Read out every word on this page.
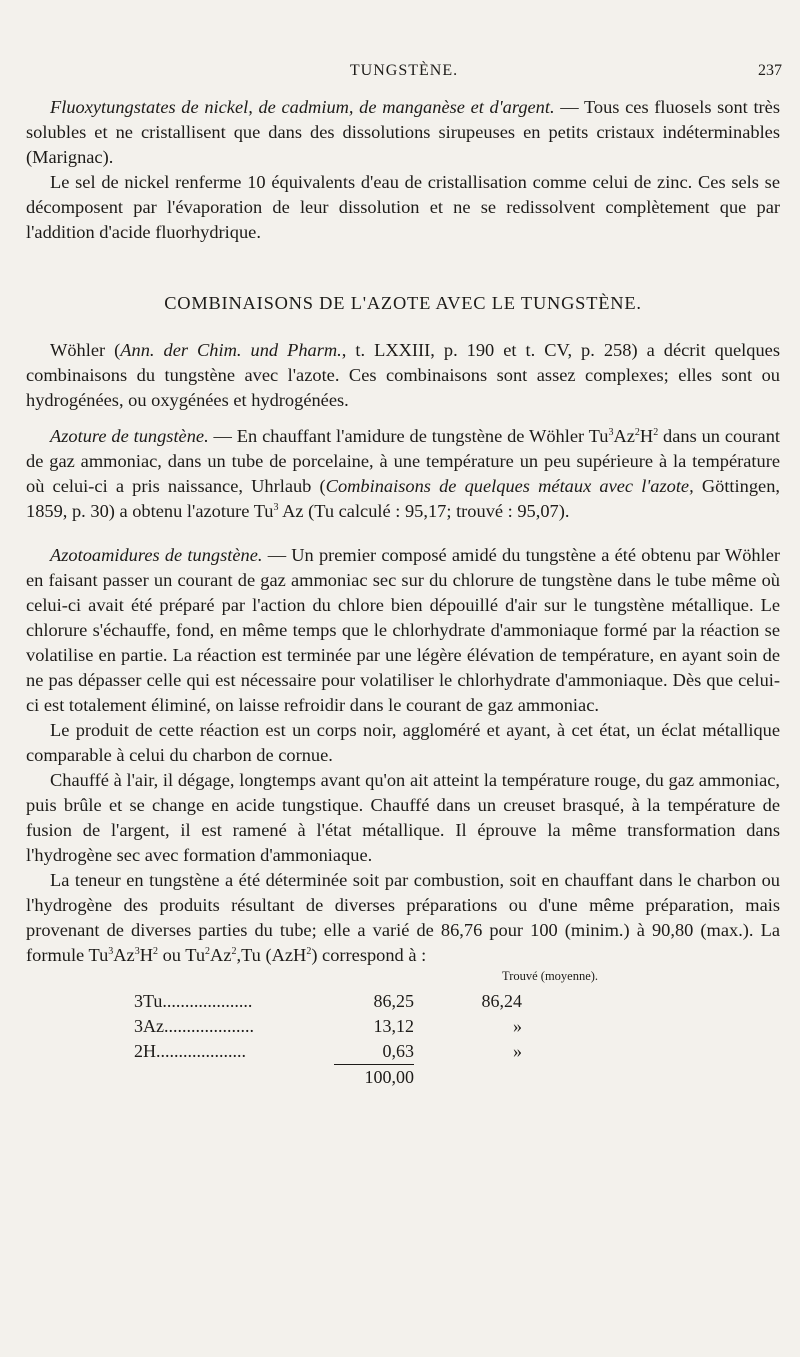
TUNGSTÈNE.	237

Fluoxytungstates de nickel, de cadmium, de manganèse et d'argent. — Tous ces fluosels sont très solubles et ne cristallisent que dans des dissolutions sirupeuses en petits cristaux indéterminables (Marignac).

Le sel de nickel renferme 10 équivalents d'eau de cristallisation comme celui de zinc. Ces sels se décomposent par l'évaporation de leur dissolution et ne se redissolvent complètement que par l'addition d'acide fluorhydrique.

COMBINAISONS DE L'AZOTE AVEC LE TUNGSTÈNE.

Wöhler (Ann. der Chim. und Pharm., t. LXXIII, p. 190 et t. CV, p. 258) a décrit quelques combinaisons du tungstène avec l'azote. Ces combinaisons sont assez complexes; elles sont ou hydrogénées, ou oxygénées et hydrogénées.

Azoture de tungstène. — En chauffant l'amidure de tungstène de Wöhler $Tu^3Az^2H^2$ dans un courant de gaz ammoniac, dans un tube de porcelaine, à une température un peu supérieure à la température où celui-ci a pris naissance, Uhrlaub (Combinaisons de quelques métaux avec l'azote, Göttingen, 1859, p. 30) a obtenu l'azoture Tu$^3$ Az (Tu calculé : 95,17; trouvé : 95,07).

Azotoamidures de tungstène. — Un premier composé amidé du tungstène a été obtenu par Wöhler en faisant passer un courant de gaz ammoniac sec sur du chlorure de tungstène dans le tube même où celui-ci avait été préparé par l'action du chlore bien dépouillé d'air sur le tungstène métallique. Le chlorure s'échauffe, fond, en même temps que le chlorhydrate d'ammoniaque formé par la réaction se volatilise en partie. La réaction est terminée par une légère élévation de température, en ayant soin de ne pas dépasser celle qui est nécessaire pour volatiliser le chlorhydrate d'ammoniaque. Dès que celui-ci est totalement éliminé, on laisse refroidir dans le courant de gaz ammoniac.

Le produit de cette réaction est un corps noir, aggloméré et ayant, à cet état, un éclat métallique comparable à celui du charbon de cornue.

Chauffé à l'air, il dégage, longtemps avant qu'on ait atteint la température rouge, du gaz ammoniac, puis brûle et se change en acide tungstique. Chauffé dans un creuset brasqué, à la température de fusion de l'argent, il est ramené à l'état métallique. Il éprouve la même transformation dans l'hydrogène sec avec formation d'ammoniaque.

La teneur en tungstène a été déterminée soit par combustion, soit en chauffant dans le charbon ou l'hydrogène des produits résultant de diverses préparations ou d'une même préparation, mais provenant de diverses parties du tube; elle a varié de 86,76 pour 100 (minim.) à 90,80 (max.). La formule $Tu^3Az^3H^2$ ou Tu$^2$Az$^2$,Tu (AzH$^2$) correspond à :

Trouvé (moyenne).
3Tu....................	86,25	86,24
3Az....................	13,12	»
2H....................	0,63	»
	100,00	
